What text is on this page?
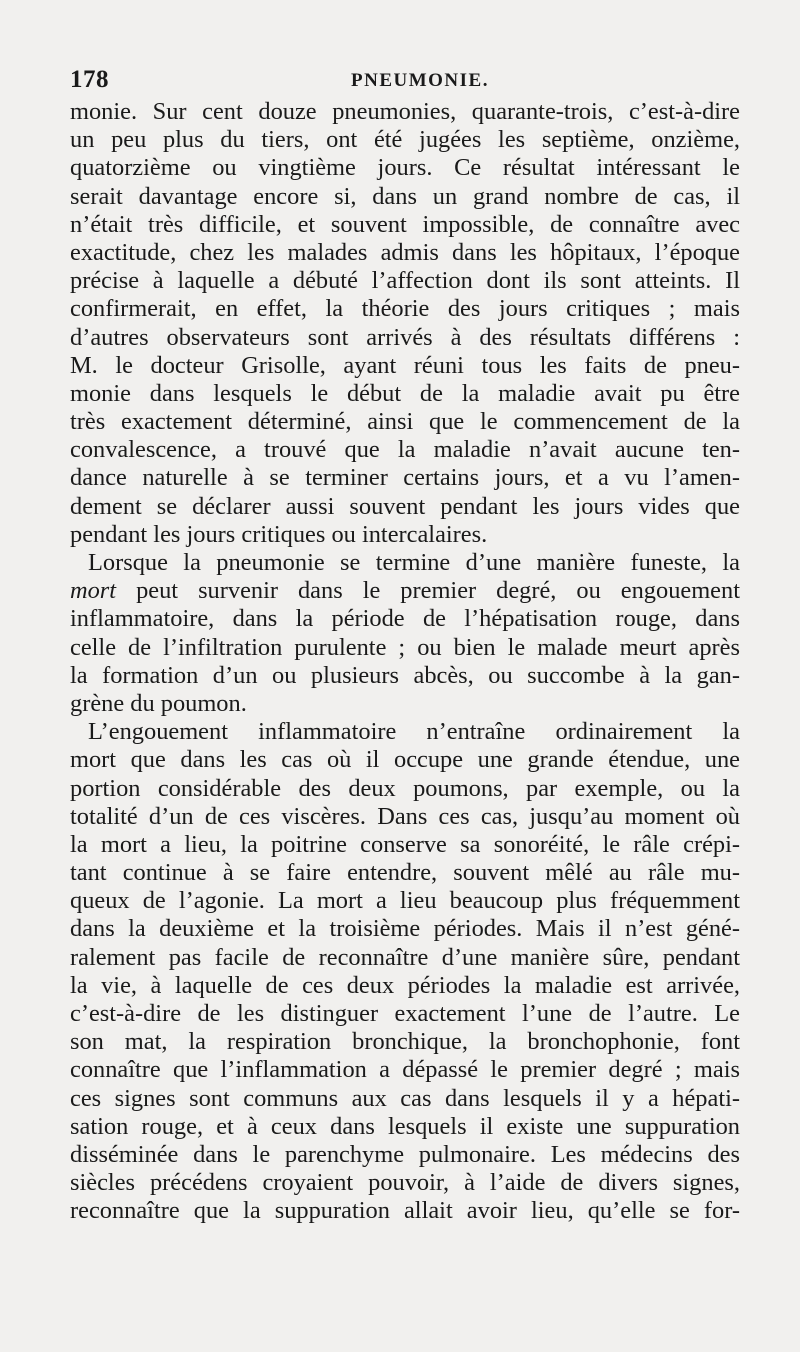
178	PNEUMONIE.
monie. Sur cent douze pneumonies, quarante-trois, c’est-à-dire
un peu plus du tiers, ont été jugées les septième, onzième,
quatorzième ou vingtième jours. Ce résultat intéressant le
serait davantage encore si, dans un grand nombre de cas, il
n’était très difficile, et souvent impossible, de connaître avec
exactitude, chez les malades admis dans les hôpitaux, l’époque
précise à laquelle a débuté l’affection dont ils sont atteints. Il
confirmerait, en effet, la théorie des jours critiques ; mais
d’autres observateurs sont arrivés à des résultats différens :
M. le docteur Grisolle, ayant réuni tous les faits de pneu-
monie dans lesquels le début de la maladie avait pu être
très exactement déterminé, ainsi que le commencement de la
convalescence, a trouvé que la maladie n’avait aucune ten-
dance naturelle à se terminer certains jours, et a vu l’amen-
dement se déclarer aussi souvent pendant les jours vides que
pendant les jours critiques ou intercalaires.
Lorsque la pneumonie se termine d’une manière funeste, la
mort peut survenir dans le premier degré, ou engouement
inflammatoire, dans la période de l’hépatisation rouge, dans
celle de l’infiltration purulente ; ou bien le malade meurt après
la formation d’un ou plusieurs abcès, ou succombe à la gan-
grène du poumon.
L’engouement inflammatoire n’entraîne ordinairement la
mort que dans les cas où il occupe une grande étendue, une
portion considérable des deux poumons, par exemple, ou la
totalité d’un de ces viscères. Dans ces cas, jusqu’au moment où
la mort a lieu, la poitrine conserve sa sonoréité, le râle crépi-
tant continue à se faire entendre, souvent mêlé au râle mu-
queux de l’agonie. La mort a lieu beaucoup plus fréquemment
dans la deuxième et la troisième périodes. Mais il n’est géné-
ralement pas facile de reconnaître d’une manière sûre, pendant
la vie, à laquelle de ces deux périodes la maladie est arrivée,
c’est-à-dire de les distinguer exactement l’une de l’autre. Le
son mat, la respiration bronchique, la bronchophonie, font
connaître que l’inflammation a dépassé le premier degré ; mais
ces signes sont communs aux cas dans lesquels il y a hépati-
sation rouge, et à ceux dans lesquels il existe une suppuration
disséminée dans le parenchyme pulmonaire. Les médecins des
siècles précédens croyaient pouvoir, à l’aide de divers signes,
reconnaître que la suppuration allait avoir lieu, qu’elle se for-
